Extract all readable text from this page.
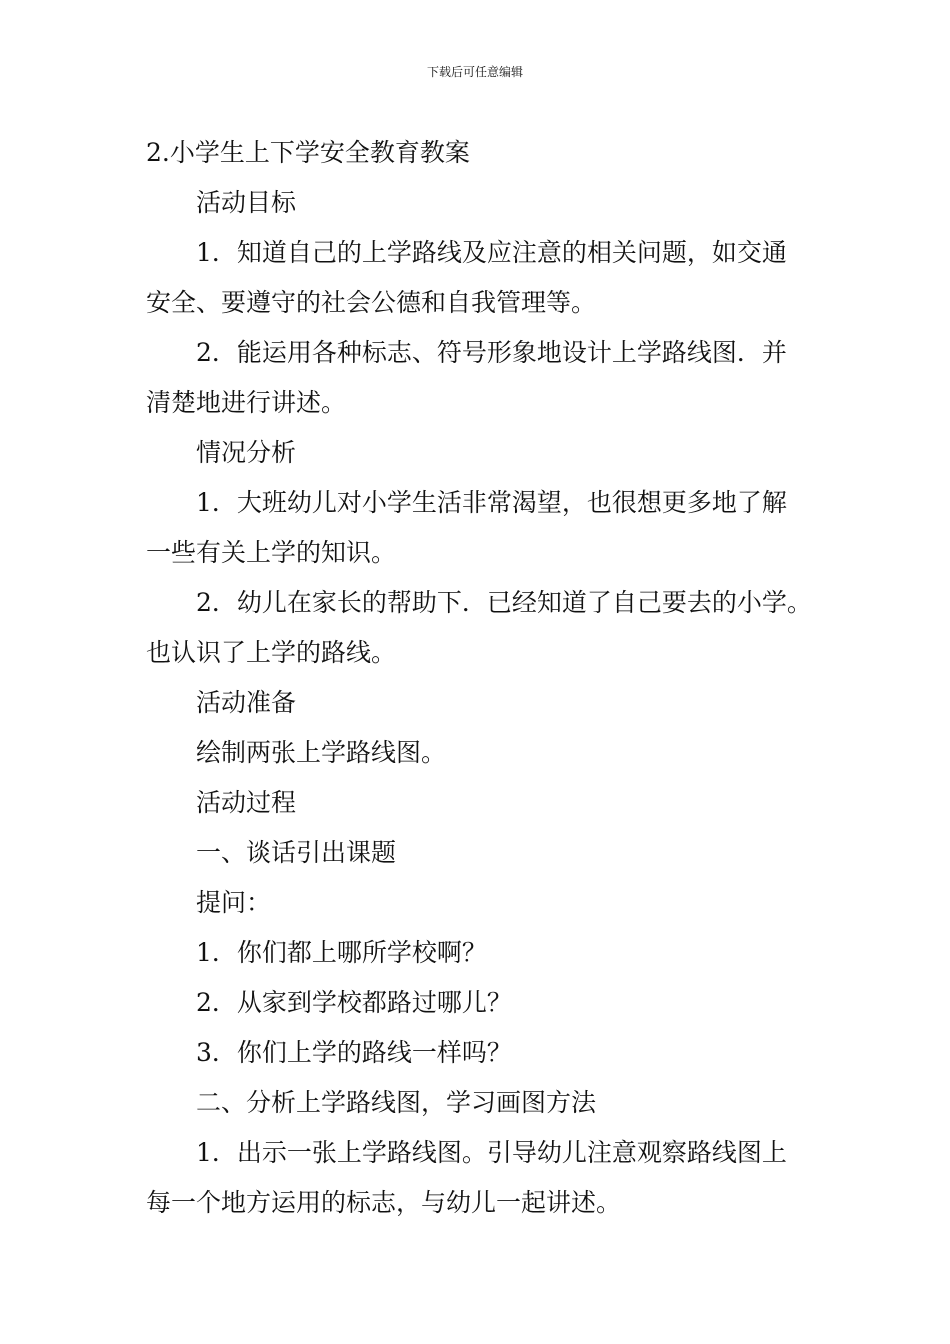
下载后可任意编辑
2.小学生上下学安全教育教案
活动目标
1．知道自己的上学路线及应注意的相关问题，如交通
安全、要遵守的社会公德和自我管理等。
2．能运用各种标志、符号形象地设计上学路线图．并
清楚地进行讲述。
情况分析
1．大班幼儿对小学生活非常渴望，也很想更多地了解
一些有关上学的知识。
2．幼儿在家长的帮助下．已经知道了自己要去的小学。
也认识了上学的路线。
活动准备
绘制两张上学路线图。
活动过程
一、谈话引出课题
提问：
1．你们都上哪所学校啊？
2．从家到学校都路过哪儿？
3．你们上学的路线一样吗？
二、分析上学路线图，学习画图方法
1．出示一张上学路线图。引导幼儿注意观察路线图上
每一个地方运用的标志，与幼儿一起讲述。
